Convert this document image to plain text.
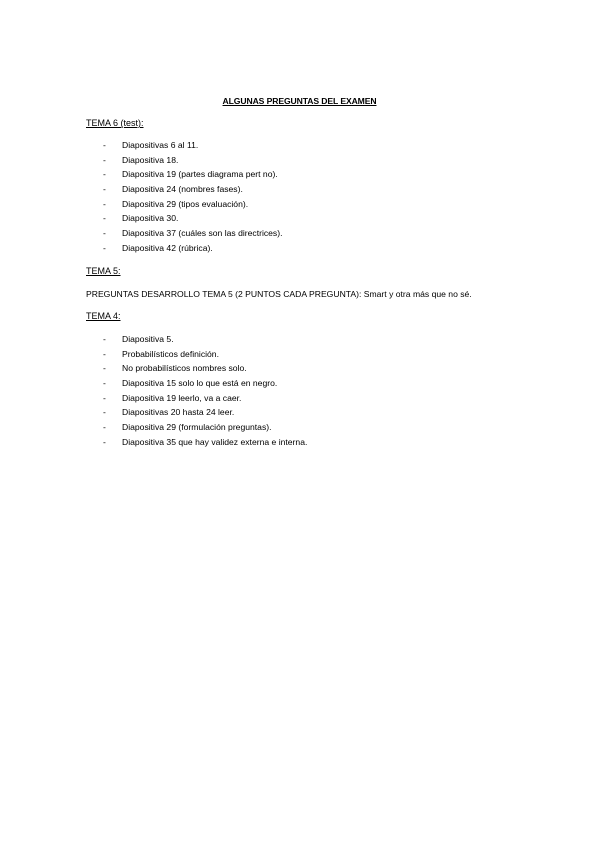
ALGUNAS PREGUNTAS DEL EXAMEN
TEMA 6 (test):
- Diapositivas 6 al 11.
- Diapositiva 18.
- Diapositiva 19 (partes diagrama pert no).
- Diapositiva 24 (nombres fases).
- Diapositiva 29 (tipos evaluación).
- Diapositiva 30.
- Diapositiva 37 (cuáles son las directrices).
- Diapositiva 42 (rúbrica).
TEMA 5:
PREGUNTAS DESARROLLO TEMA 5 (2 PUNTOS CADA PREGUNTA): Smart y otra más que no sé.
TEMA 4:
- Diapositiva 5.
- Probabilísticos definición.
- No probabilísticos nombres solo.
- Diapositiva 15 solo lo que está en negro.
- Diapositiva 19 leerlo, va a caer.
- Diapositivas 20 hasta 24 leer.
- Diapositiva 29 (formulación preguntas).
- Diapositiva 35 que hay validez externa e interna.
